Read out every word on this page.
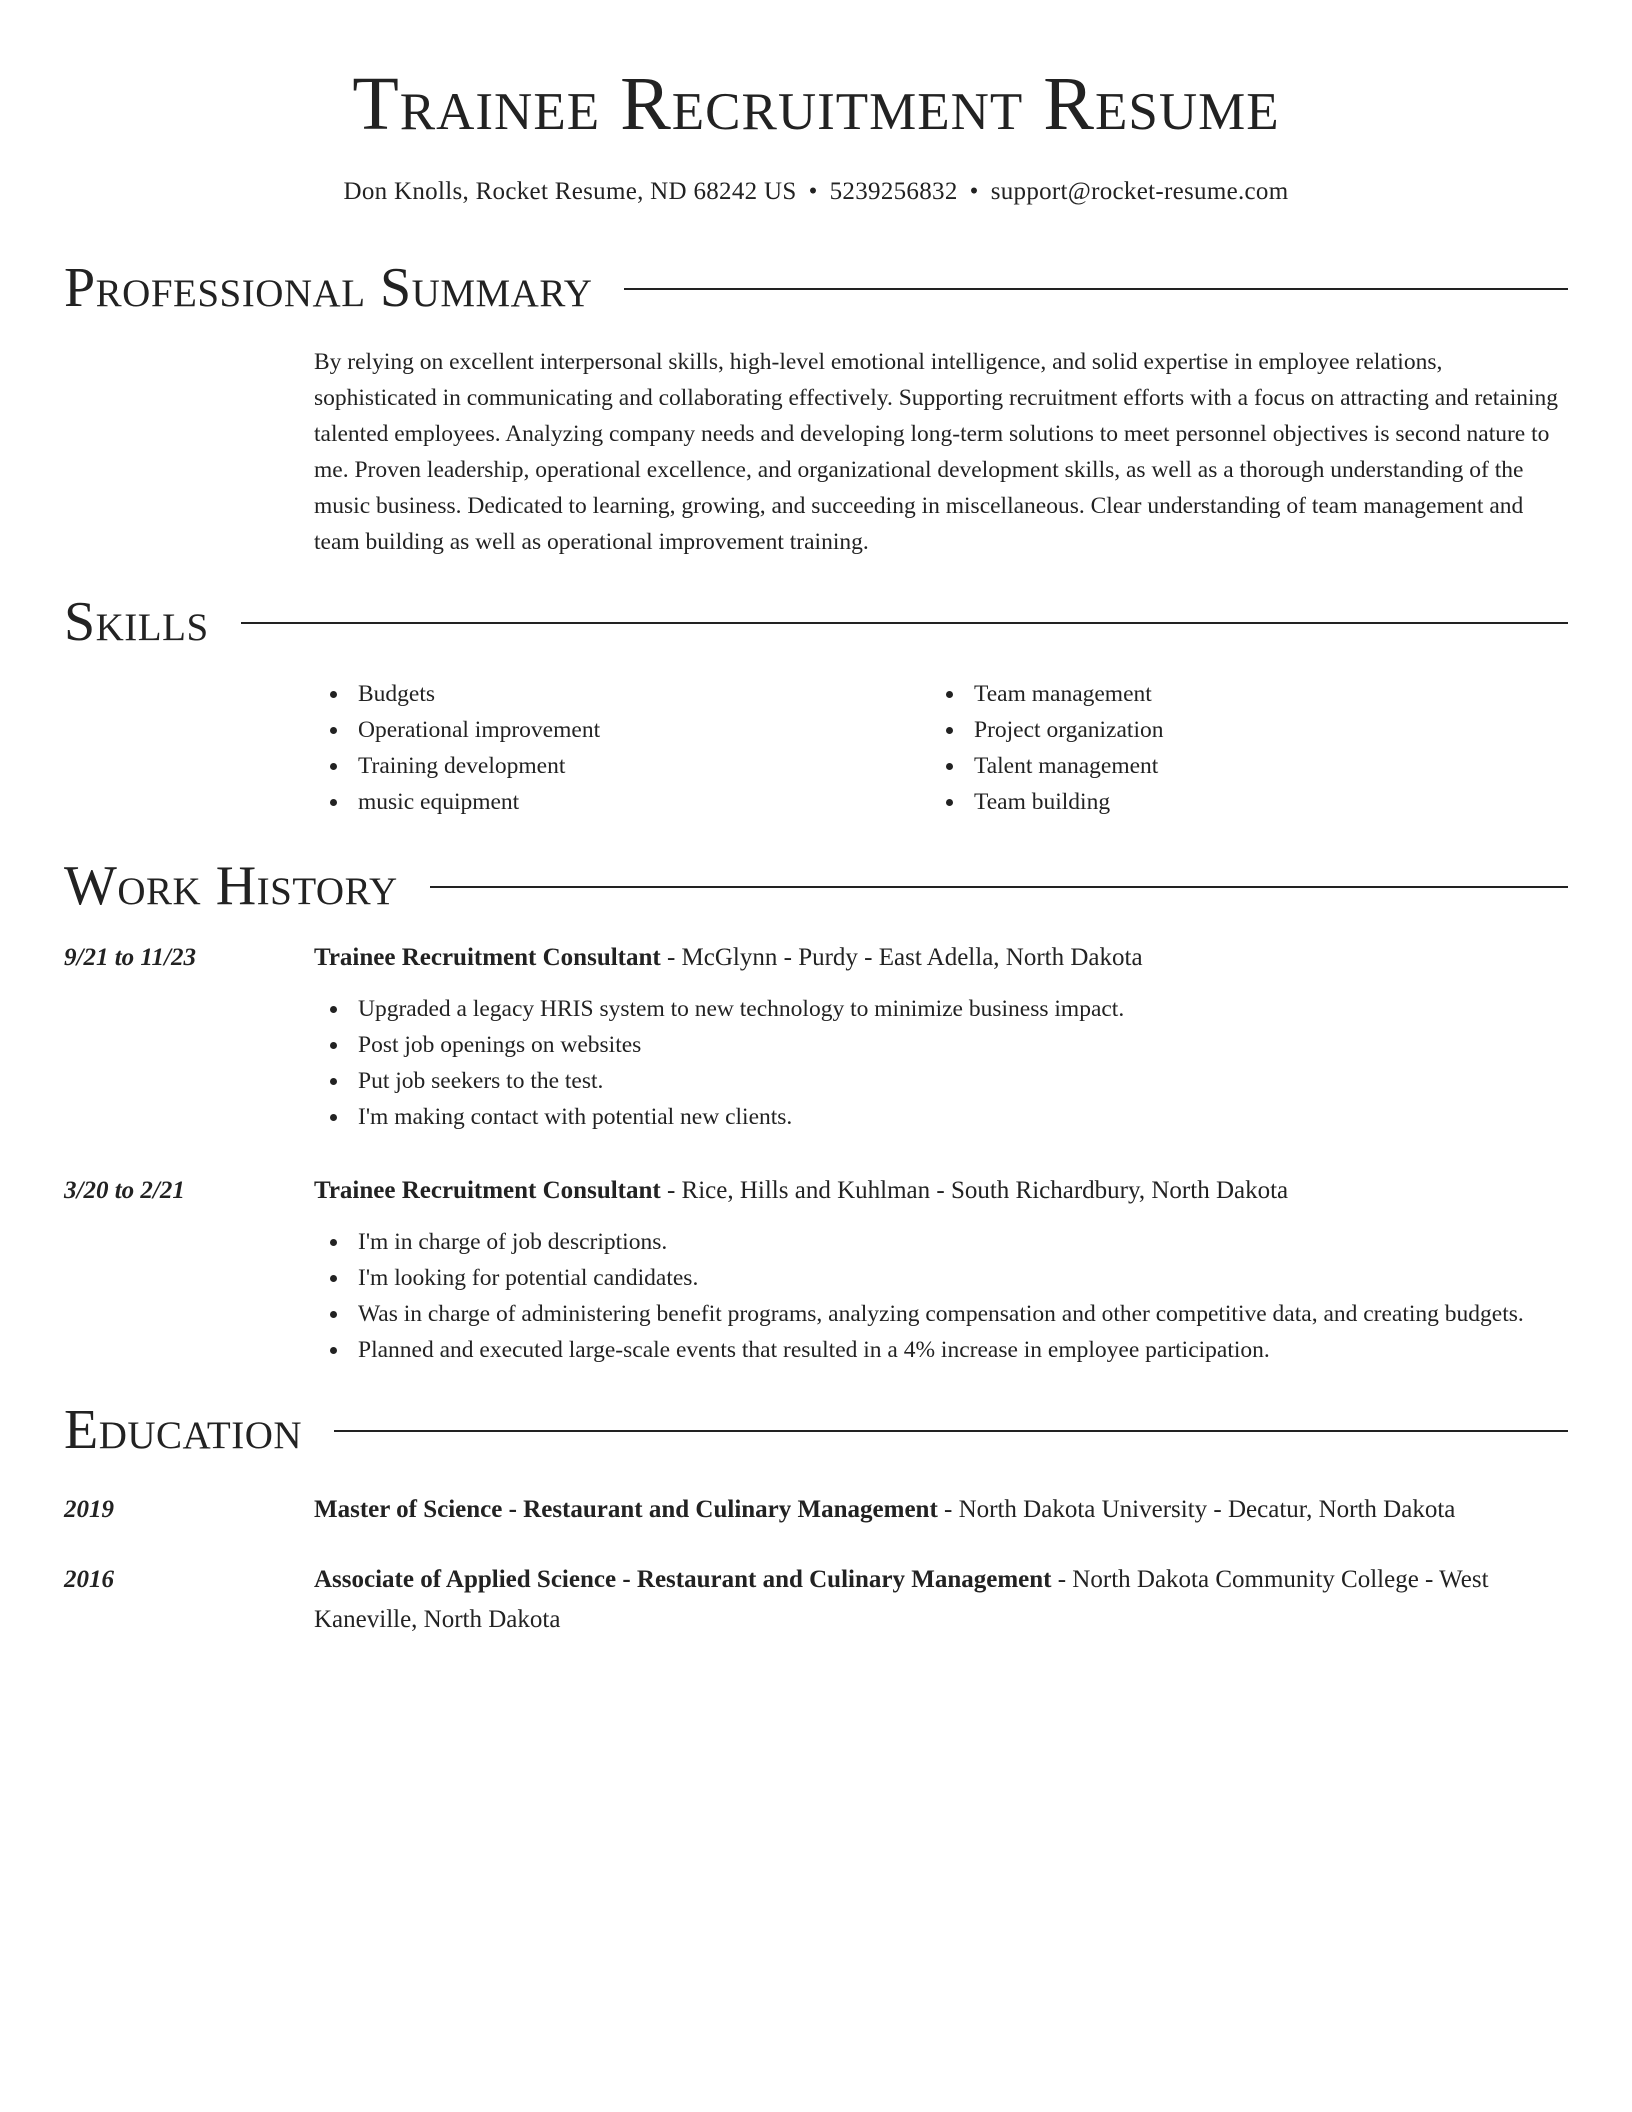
Trainee Recruitment Resume
Don Knolls, Rocket Resume, ND 68242 US • 5239256832 • support@rocket-resume.com
Professional Summary

By relying on excellent interpersonal skills, high-level emotional intelligence, and solid expertise in employee relations, sophisticated in communicating and collaborating effectively. Supporting recruitment efforts with a focus on attracting and retaining talented employees. Analyzing company needs and developing long-term solutions to meet personnel objectives is second nature to me. Proven leadership, operational excellence, and organizational development skills, as well as a thorough understanding of the music business. Dedicated to learning, growing, and succeeding in miscellaneous. Clear understanding of team management and team building as well as operational improvement training.

Skills
Budgets
Operational improvement
Training development
music equipment
Team management
Project organization
Talent management
Team building
Work History
9/21 to 11/23	Trainee Recruitment Consultant - McGlynn - Purdy - East Adella, North Dakota
Upgraded a legacy HRIS system to new technology to minimize business impact.
Post job openings on websites
Put job seekers to the test.
I'm making contact with potential new clients.
3/20 to 2/21	Trainee Recruitment Consultant - Rice, Hills and Kuhlman - South Richardbury, North Dakota
I'm in charge of job descriptions.
I'm looking for potential candidates.
Was in charge of administering benefit programs, analyzing compensation and other competitive data, and creating budgets.
Planned and executed large-scale events that resulted in a 4% increase in employee participation.
Education
2019	Master of Science - Restaurant and Culinary Management - North Dakota University - Decatur, North Dakota
2016	Associate of Applied Science - Restaurant and Culinary Management - North Dakota Community College - West Kaneville, North Dakota
